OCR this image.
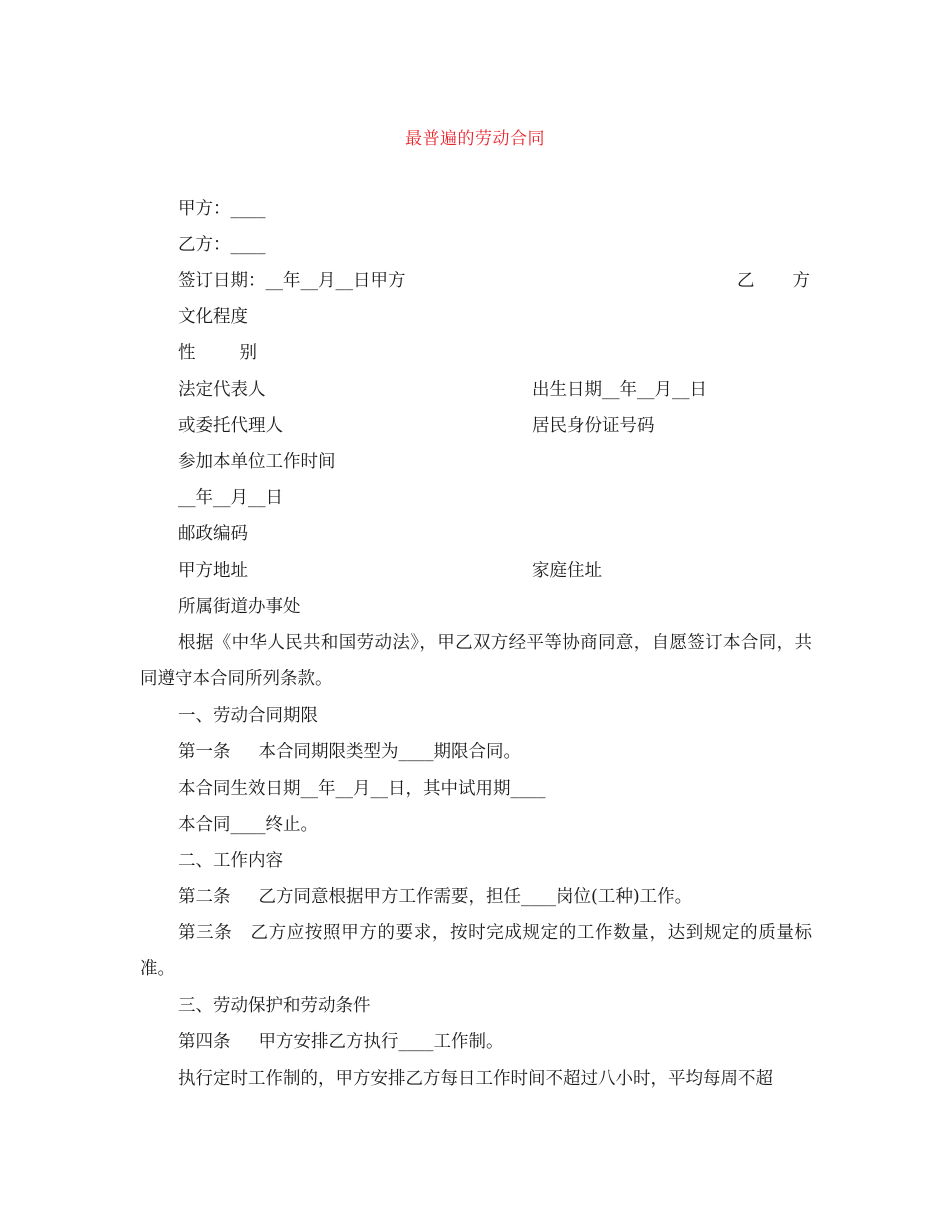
最普遍的劳动合同
甲方：____
乙方：____
签订日期：__年__月__日甲方	乙 方
文化程度
性	别
法定代表人	出生日期__年__月__日
或委托代理人	居民身份证号码
参加本单位工作时间
__年__月__日
邮政编码
甲方地址	家庭住址
所属街道办事处
根据《中华人民共和国劳动法》，甲乙双方经平等协商同意，自愿签订本合同，共同遵守本合同所列条款。
一、劳动合同期限
第一条 本合同期限类型为____期限合同。
本合同生效日期__年__月__日，其中试用期____
本合同____终止。
二、工作内容
第二条 乙方同意根据甲方工作需要，担任____岗位(工种)工作。
第三条　乙方应按照甲方的要求，按时完成规定的工作数量，达到规定的质量标准。
三、劳动保护和劳动条件
第四条 甲方安排乙方执行____工作制。
执行定时工作制的，甲方安排乙方每日工作时间不超过八小时，平均每周不超
